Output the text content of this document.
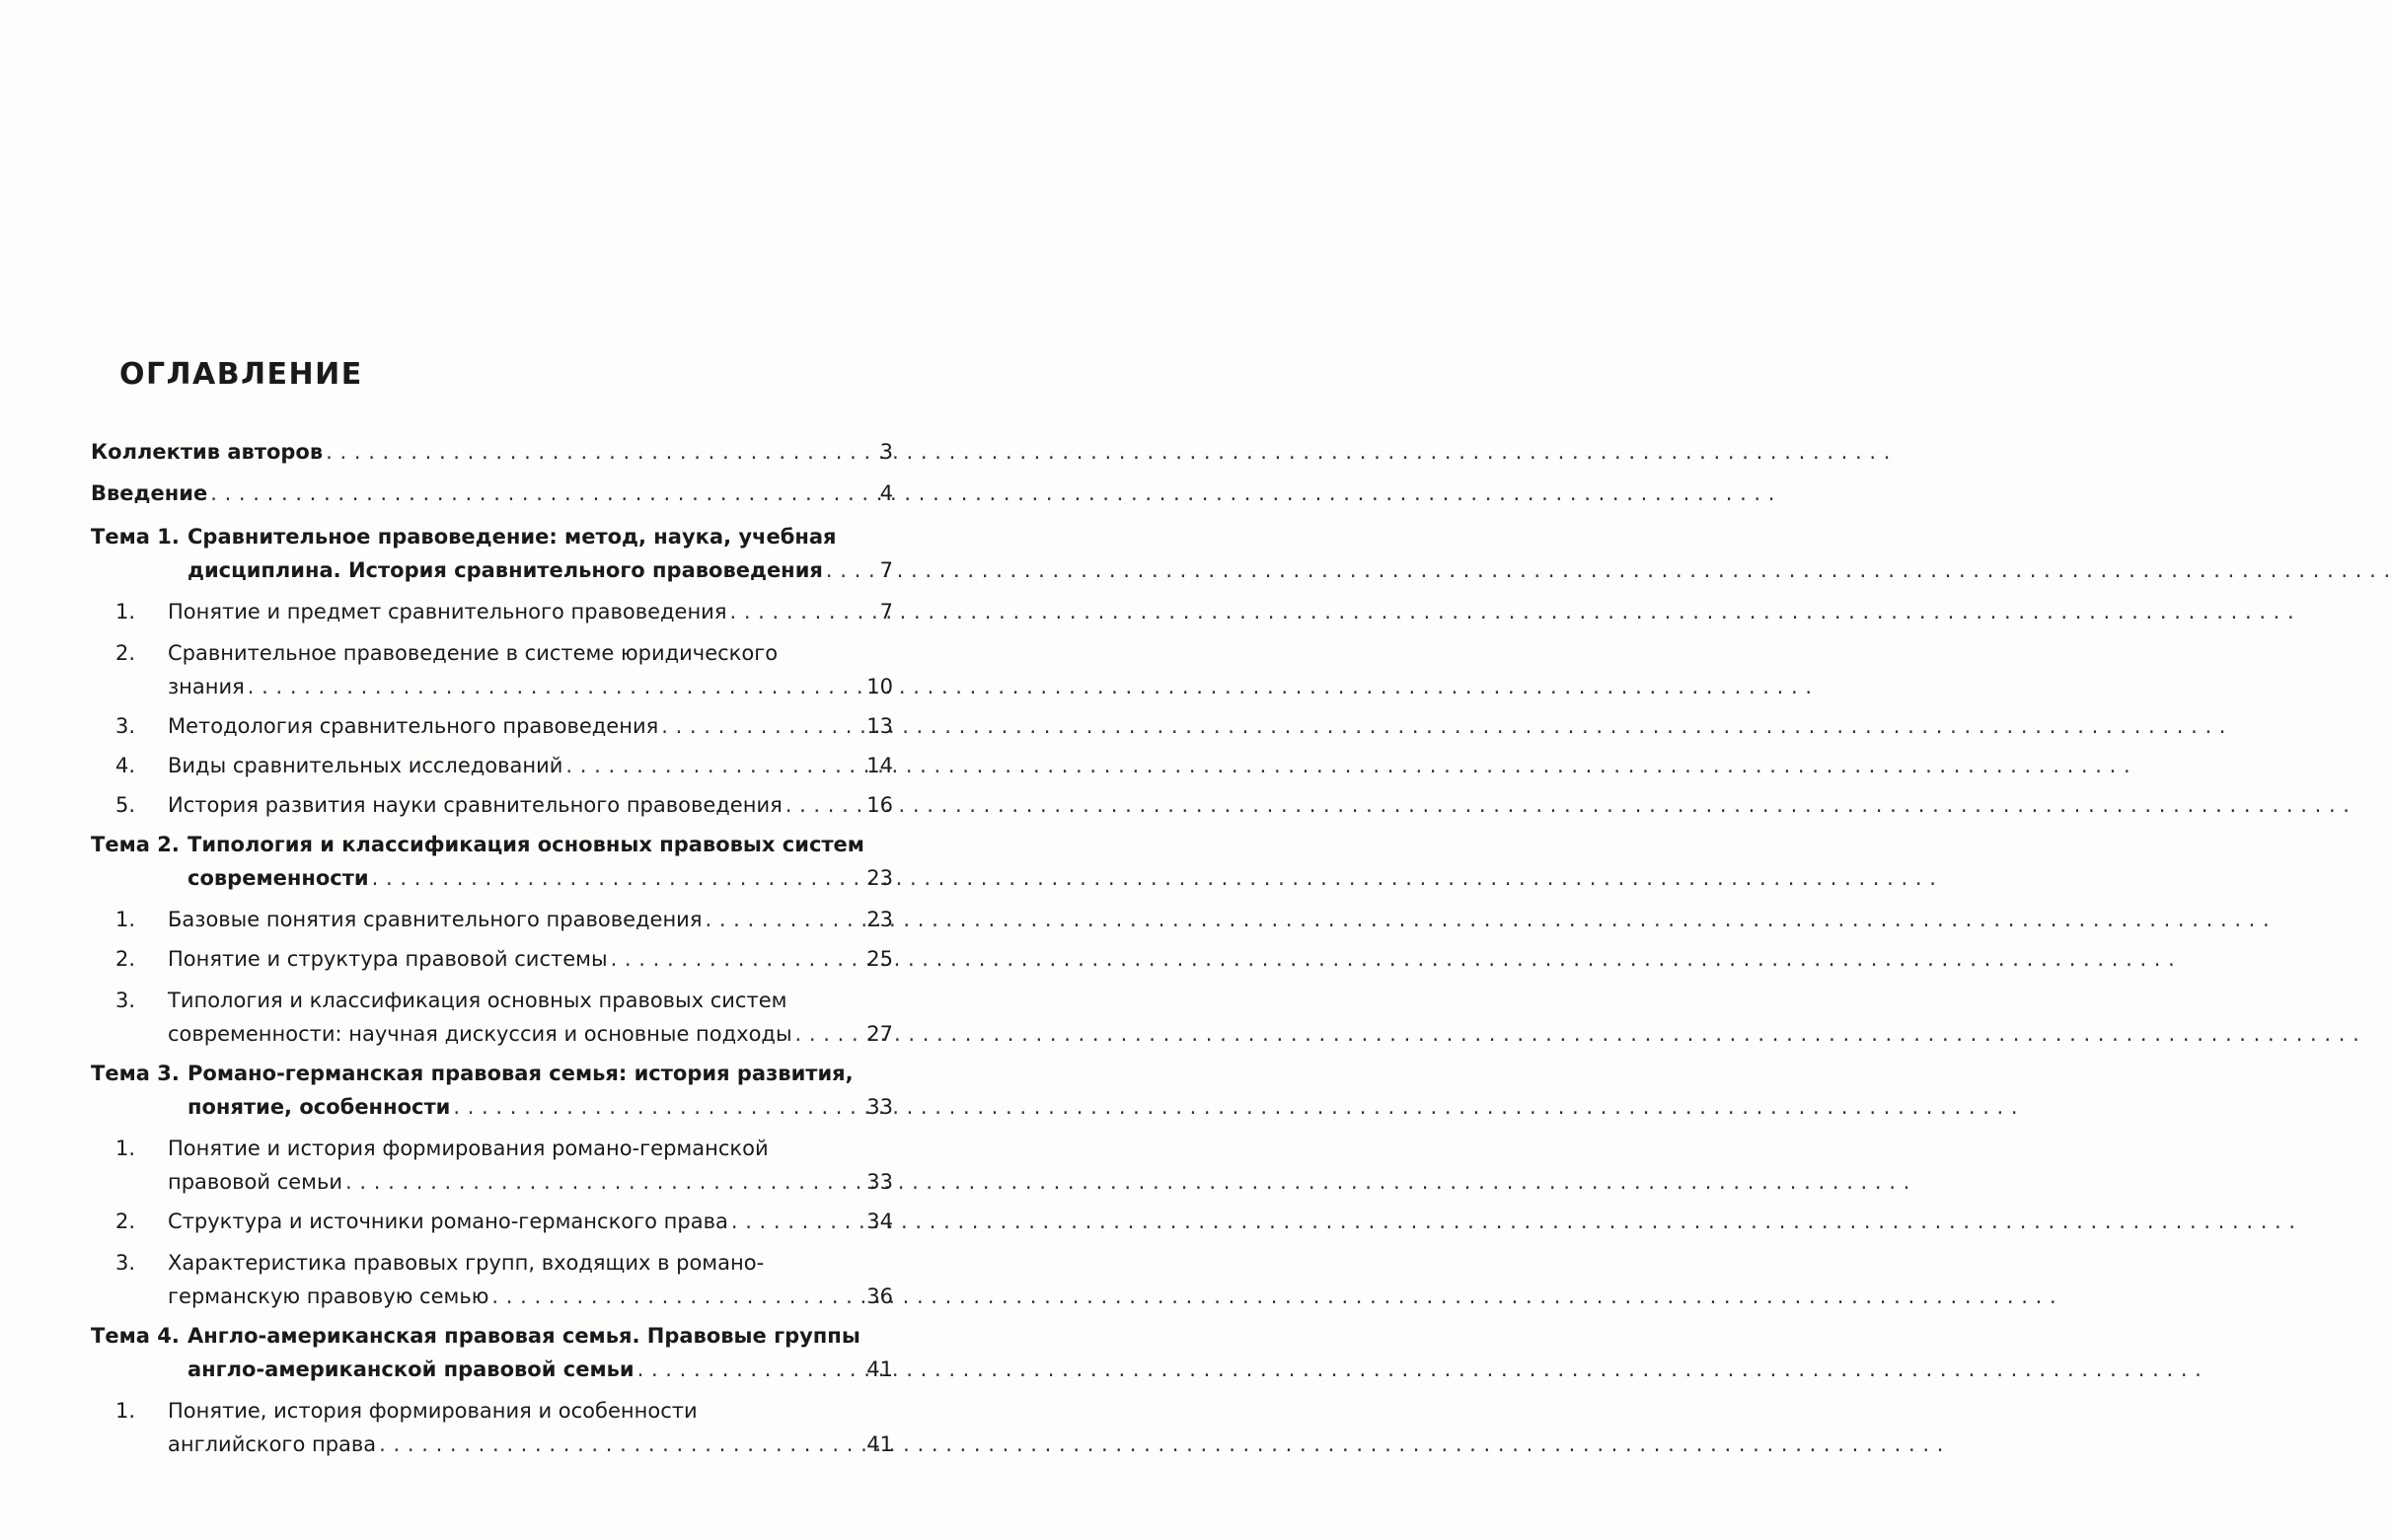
ОГЛАВЛЕНИЕ
Коллектив авторов . . .	3
Введение . . .	4
Тема 1. Сравнительное правоведение: метод, наука, учебная
дисциплина. История сравнительного правоведения . . .	7
1.	Понятие и предмет сравнительного правоведения . . .	7
2.	Сравнительное правоведение в системе юридического
знания . . .	10
3.	Методология сравнительного правоведения . . .	13
4.	Виды сравнительных исследований . . .	14
5.	История развития науки сравнительного правоведения . . .	16
Тема 2. Типология и классификация основных правовых систем
современности . . .	23
1.	Базовые понятия сравнительного правоведения . . .	23
2.	Понятие и структура правовой системы . . .	25
3.	Типология и классификация основных правовых систем
современности: научная дискуссия и основные подходы . . .	27
Тема 3. Романо-германская правовая семья: история развития,
понятие, особенности . . .	33
1.	Понятие и история формирования романо-германской
правовой семьи . . .	33
2.	Структура и источники романо-германского права . . .	34
3.	Характеристика правовых групп, входящих в романо-
германскую правовую семью . . .	36
Тема 4. Англо-американская правовая семья. Правовые группы
англо-американской правовой семьи . . .	41
1.	Понятие, история формирования и особенности
английского права . . .	41
